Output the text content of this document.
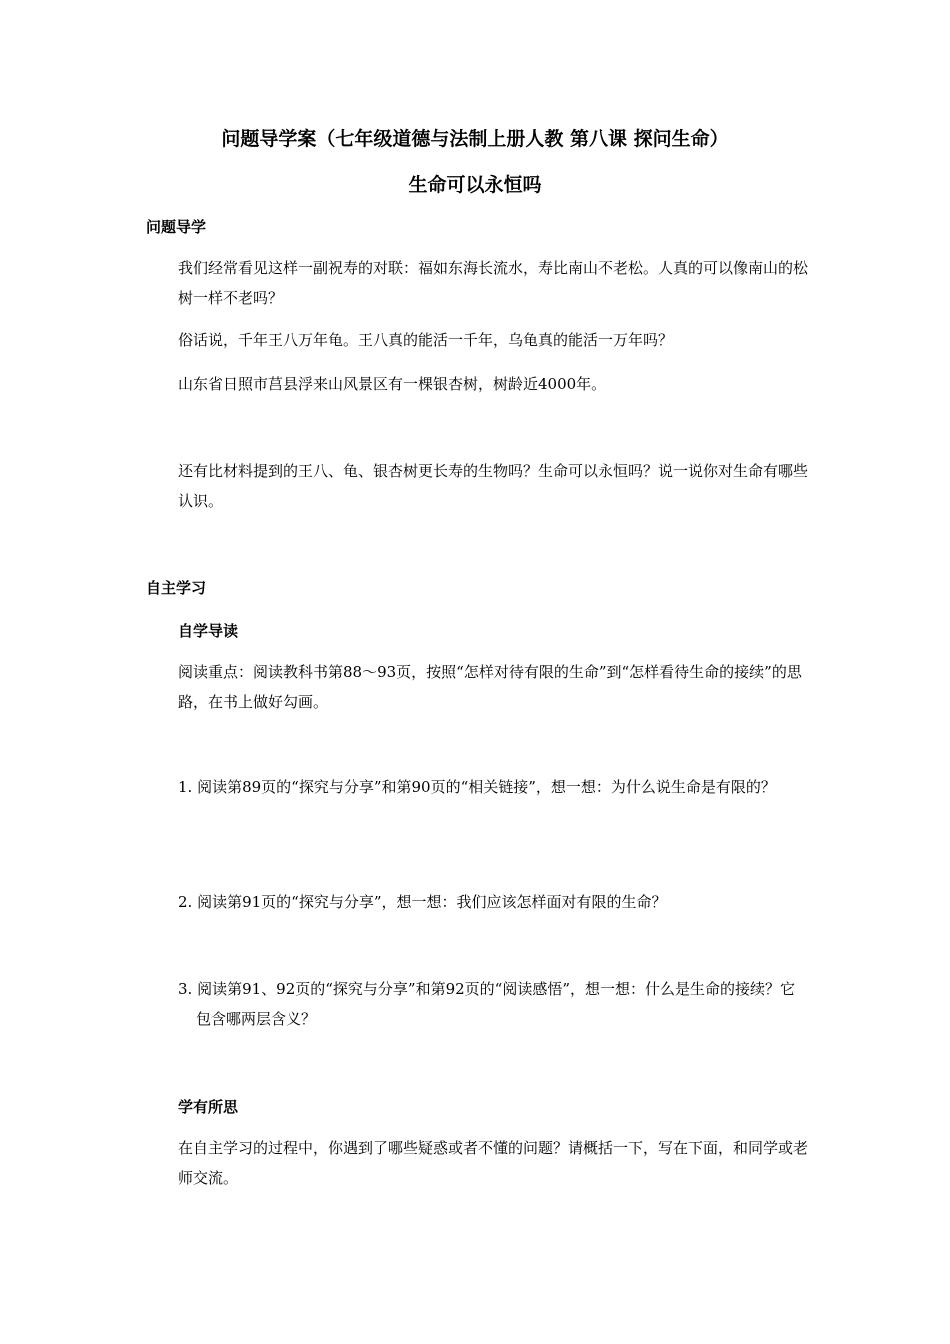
问题导学案（七年级道德与法制上册人教 第八课 探问生命）
生命可以永恒吗
问题导学
我们经常看见这样一副祝寿的对联：福如东海长流水，寿比南山不老松。人真的可以像南山的松树一样不老吗？
俗话说，千年王八万年龟。王八真的能活一千年，乌龟真的能活一万年吗？
山东省日照市莒县浮来山风景区有一棵银杏树，树龄近4000年。
还有比材料提到的王八、龟、银杏树更长寿的生物吗？生命可以永恒吗？说一说你对生命有哪些认识。
自主学习
自学导读
阅读重点：阅读教科书第88～93页，按照“怎样对待有限的生命”到“怎样看待生命的接续”的思路，在书上做好勾画。
1. 阅读第89页的“探究与分享”和第90页的“相关链接”，想一想：为什么说生命是有限的？
2. 阅读第91页的“探究与分享”，想一想：我们应该怎样面对有限的生命？
3. 阅读第91、92页的“探究与分享”和第92页的“阅读感悟”，想一想：什么是生命的接续？它包含哪两层含义？
学有所思
在自主学习的过程中，你遇到了哪些疑惑或者不懂的问题？请概括一下，写在下面，和同学或老师交流。
